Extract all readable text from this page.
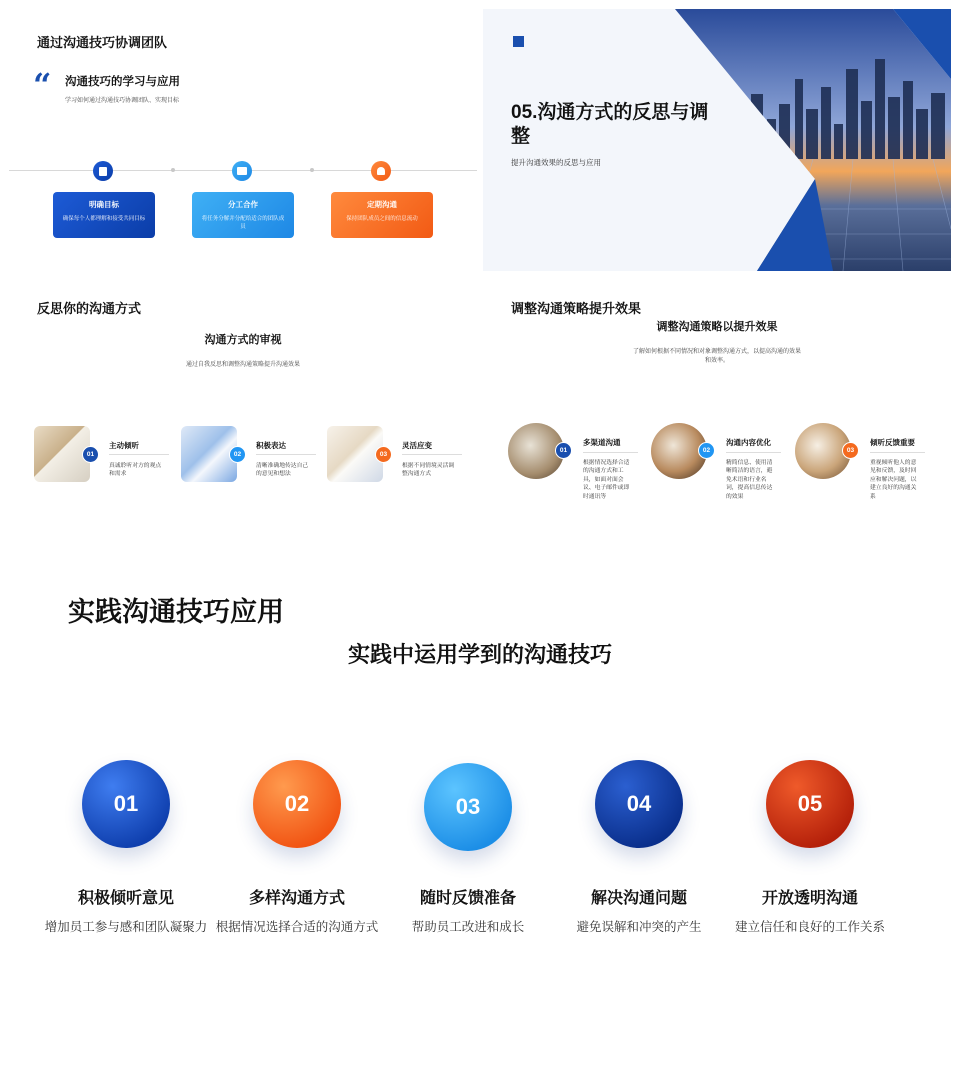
通过沟通技巧协调团队
“ 沟通技巧的学习与应用
学习如何通过沟通技巧协调团队、实现目标
明确目标
确保每个人都理解和接受共同目标
分工合作
将任务分解并分配给适合的团队成员
定期沟通
保持团队成员之间的信息流动
05.沟通方式的反思与调整
提升沟通效果的反思与应用
反思你的沟通方式
沟通方式的审视
通过自我反思和调整沟通策略提升沟通效果
01
主动倾听
真诚聆听对方的观点和需求
02
积极表达
清晰准确地传达自己的意见和想法
03
灵活应变
根据不同情境灵活调整沟通方式
调整沟通策略提升效果
调整沟通策略以提升效果
了解如何根据不同情况和对象调整沟通方式，以提高沟通的效果和效率。
01
多渠道沟通
根据情况选择合适的沟通方式和工具，如面对面会议、电子邮件或即时通讯等
02
沟通内容优化
精简信息、使用清晰简洁的语言，避免术语和行业名词，提高信息传达的效果
03
倾听反馈重要
重视倾听他人的意见和反馈，及时回应和解决问题，以建立良好的沟通关系
实践沟通技巧应用
实践中运用学到的沟通技巧
01
积极倾听意见
增加员工参与感和团队凝聚力
02
多样沟通方式
根据情况选择合适的沟通方式
03
随时反馈准备
帮助员工改进和成长
04
解决沟通问题
避免误解和冲突的产生
05
开放透明沟通
建立信任和良好的工作关系
